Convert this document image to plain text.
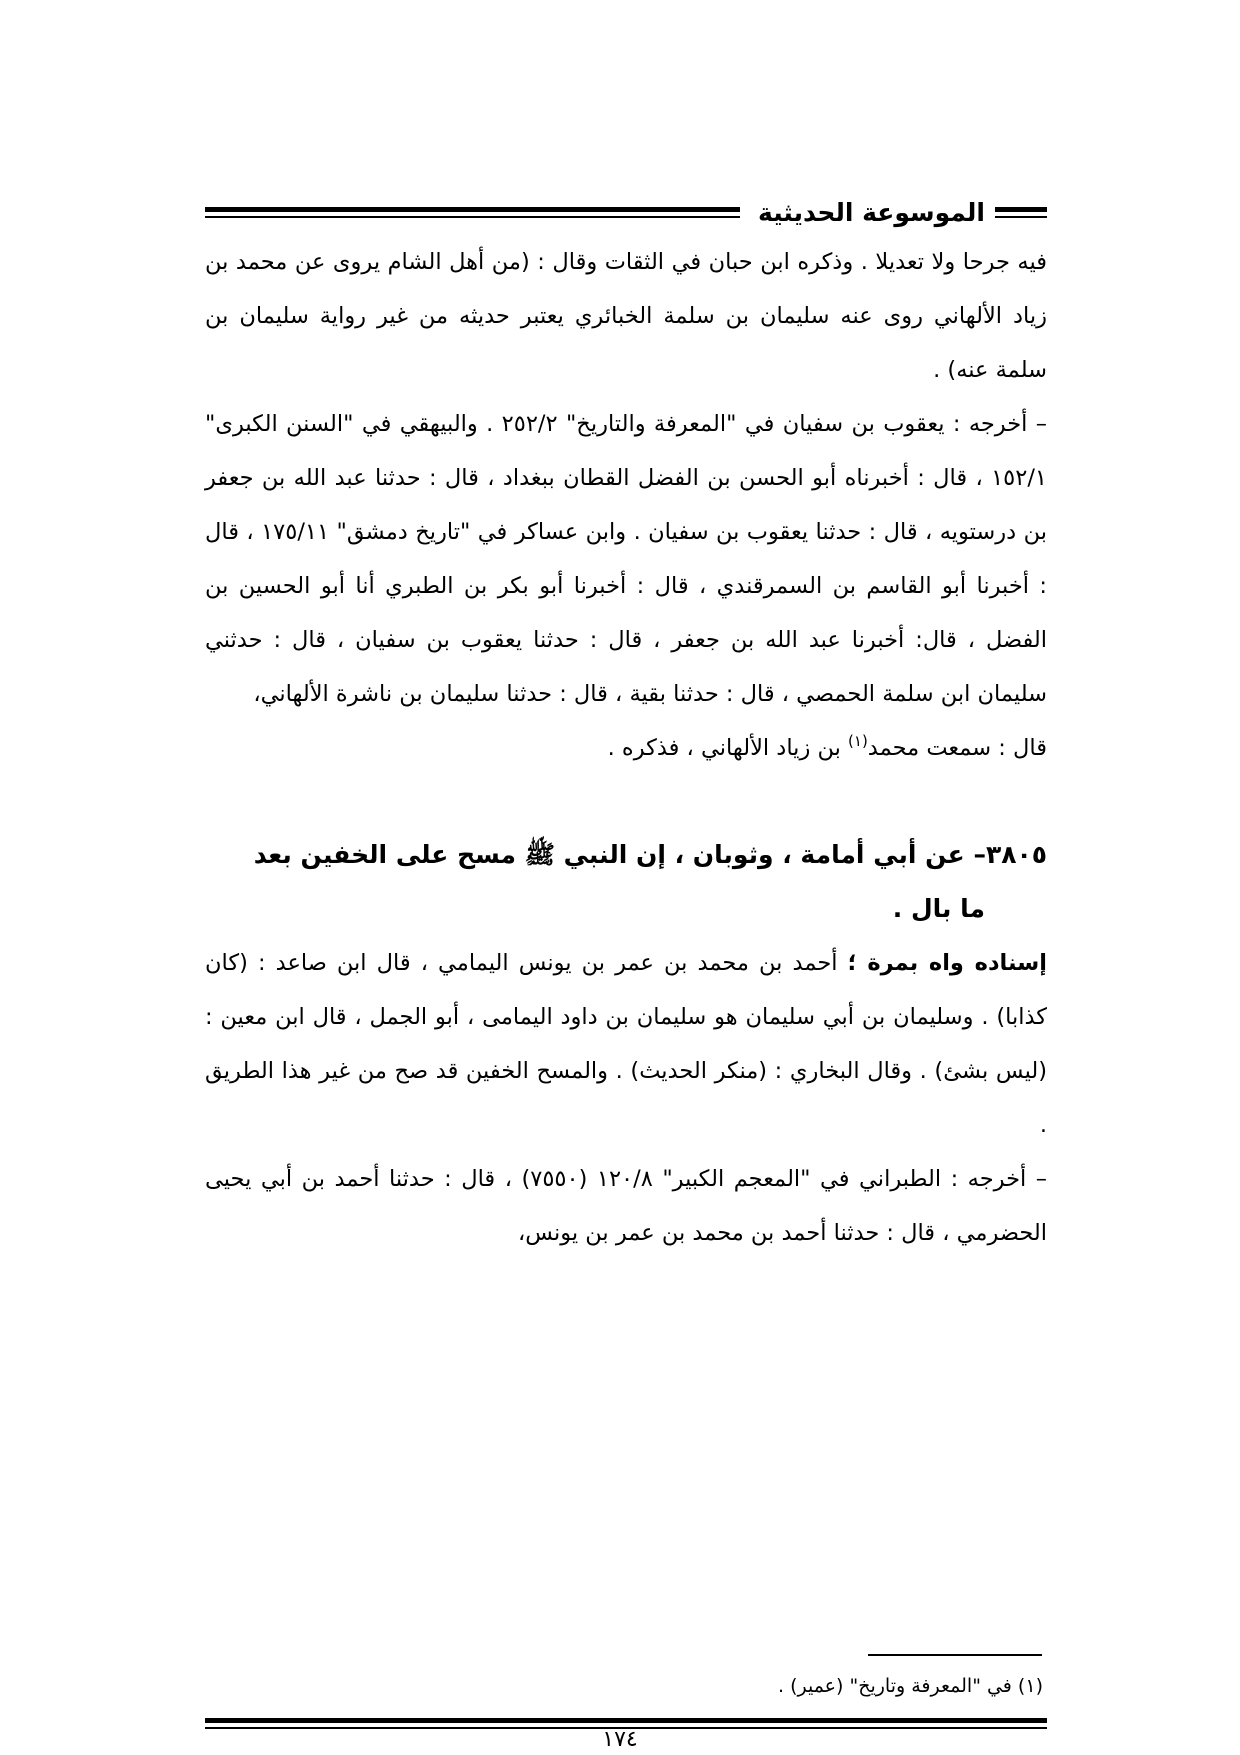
الموسوعة الحديثية

فيه جرحا ولا تعديلا . وذكره ابن حبان في الثقات وقال : (من أهل الشام يروى عن محمد بن زياد الألهاني روى عنه سليمان بن سلمة الخبائري يعتبر حديثه من غير رواية سليمان بن سلمة عنه) .

– أخرجه : يعقوب بن سفيان في "المعرفة والتاريخ" ٢٥٢/٢ . والبيهقي في "السنن الكبرى" ١٥٢/١ ، قال : أخبرناه أبو الحسن بن الفضل القطان ببغداد ، قال : حدثنا عبد الله بن جعفر بن درستويه ، قال : حدثنا يعقوب بن سفيان . وابن عساكر في "تاريخ دمشق" ١٧٥/١١ ، قال : أخبرنا أبو القاسم بن السمرقندي ، قال : أخبرنا أبو بكر بن الطبري أنا أبو الحسين بن الفضل ، قال: أخبرنا عبد الله بن جعفر ، قال : حدثنا يعقوب بن سفيان ، قال : حدثني سليمان ابن سلمة الحمصي ، قال : حدثنا بقية ، قال : حدثنا سليمان بن ناشرة الألهاني،

قال : سمعت محمد$^{(١)}$ بن زياد الألهاني ، فذكره .

٣٨٠٥– عن أبي أمامة ، وثوبان ، إن النبي ﷺ مسح على الخفين بعد
ما بال .

إسناده واه بمرة ؛ أحمد بن محمد بن عمر بن يونس اليمامي ، قال ابن صاعد : (كان كذابا) . وسليمان بن أبي سليمان هو سليمان بن داود اليمامى ، أبو الجمل ، قال ابن معين : (ليس بشئ) . وقال البخاري : (منكر الحديث) . والمسح الخفين قد صح من غير هذا الطريق .

– أخرجه : الطبراني في "المعجم الكبير" ١٢٠/٨ (٧٥٥٠) ، قال : حدثنا أحمد بن أبي يحيى الحضرمي ، قال : حدثنا أحمد بن محمد بن عمر بن يونس،

(١) في "المعرفة وتاريخ" (عمير) .
١٧٤
